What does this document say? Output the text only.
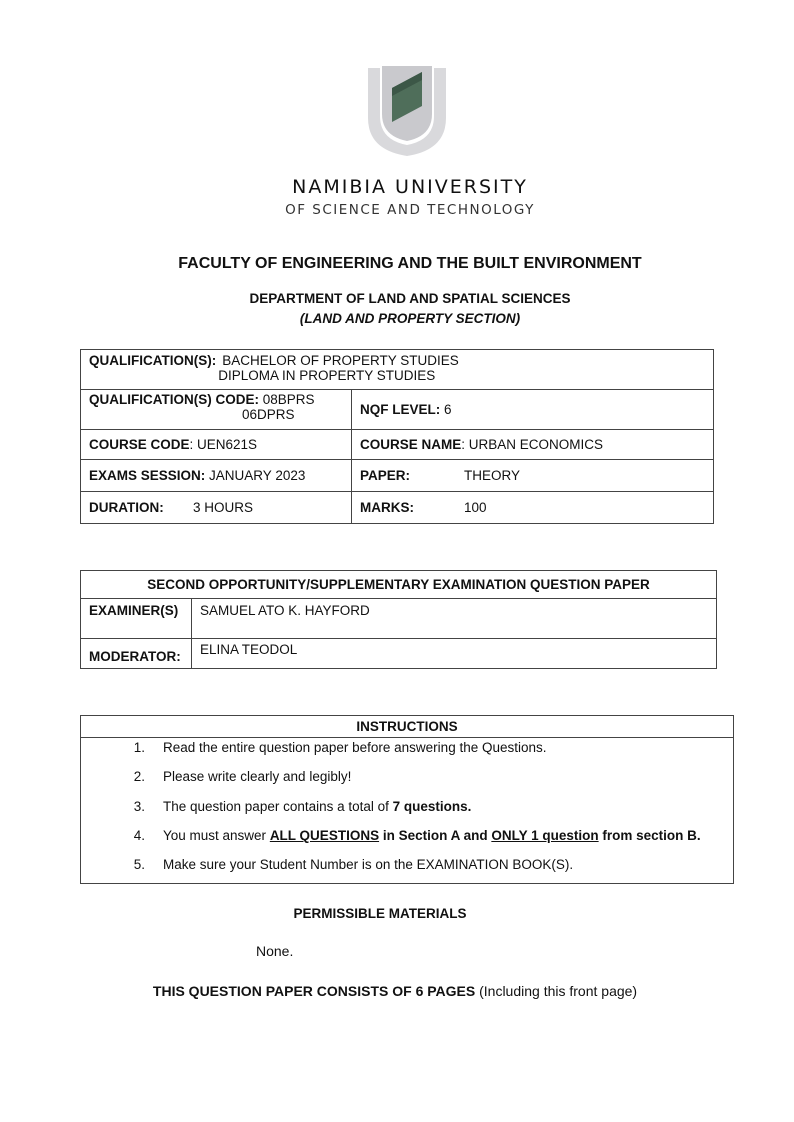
NAMIBIA UNIVERSITY
OF SCIENCE AND TECHNOLOGY
FACULTY OF ENGINEERING AND THE BUILT ENVIRONMENT
DEPARTMENT OF LAND AND SPATIAL SCIENCES
(LAND AND PROPERTY SECTION)
QUALIFICATION(S): BACHELOR OF PROPERTY STUDIES
DIPLOMA IN PROPERTY STUDIES	

QUALIFICATION(S) CODE: 08BPRS
06DPRS	NQF LEVEL: 6
COURSE CODE: UEN621S	COURSE NAME: URBAN ECONOMICS
EXAMS SESSION: JANUARY 2023	PAPER: THEORY
DURATION: 3 HOURS	MARKS: 100
SECOND OPPORTUNITY/SUPPLEMENTARY EXAMINATION QUESTION PAPER	
EXAMINER(S)	SAMUEL ATO K. HAYFORD
MODERATOR:	ELINA TEODOL
INSTRUCTIONS
1. Read the entire question paper before answering the Questions.
2. Please write clearly and legibly!
3. The question paper contains a total of 7 questions.
4. You must answer ALL QUESTIONS in Section A and ONLY 1 question from section B.
5. Make sure your Student Number is on the EXAMINATION BOOK(S).
PERMISSIBLE MATERIALS
None.
THIS QUESTION PAPER CONSISTS OF 6 PAGES (Including this front page)
